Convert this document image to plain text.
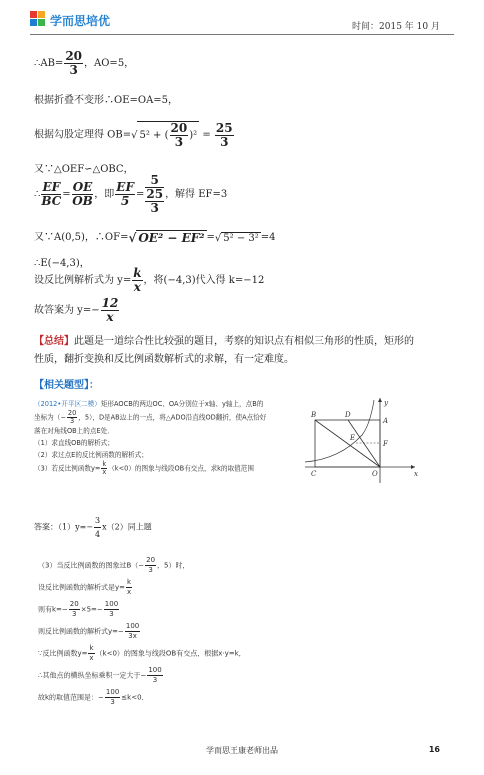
学而思培优	时间：2015 年 10 月
∴AB= $\frac{20}{3}$ ，AO=5，
根据折叠不变形∴OE=OA=5，
根据勾股定理得 OB=√ 5² + ( $\frac{20}{3} )^2 = \frac{25}{3}$
又∵△OEF∽△OBC，
∴ $\frac{EF}{BC} = \frac{OE}{OB}$ ，即 $\frac{EF}{5} = 5$
25
3 ，解得 EF=3
又∵A(0,5)，∴OF=√ OE² − EF² =√ 5² − 3² =4
∴E(−4,3)，
设反比例解析式为 $y= \frac{k}{x}$ ，将(−4,3)代入得 k=−12
故答案为 $y=- \frac{12}{x}$
【总结】此题是一道综合性比较强的题目，考察的知识点有相似三角形的性质，矩形的
性质，翻折变换和反比例函数解析式的求解，有一定难度。
【相关题型】：
（2012•开平区二模）矩形AOCB的两边OC、OA分别位于x轴、y轴上，点B的
坐标为（− $\frac{20}{3}$ ，5），D是AB边上的一点，将△ADO沿直线OD翻折，使A点恰好
落在对角线OB上的点E处．
（1）求直线OB的解析式；
（2）求过点E的反比例函数的解析式；
（3）若反比例函数$y= \frac{k}{x} (k<0)$的图象与线段OB有交点，求k的取值范围
y
B	D
A
E
F
C	O	x
答案：$(1)y=- \frac{3}{4} x(2)$同上题
（3）当反比例函数的图象过$B(- \frac{20}{3}$ ，5）时，
设反比例函数的解析式是$y= \frac{k}{x}$
则有$k=- \frac{20}{3} \times 5=- \frac{100}{3}$
则反比例函数的解析式$y=- \frac{100}{3x}$
∵反比例函数$y= \frac{k}{x} (k<0)$的图象与线段OB有交点，根据x·y=k，
∴其他点的横纵坐标乘积一定大于− $\frac{100}{3}$
故k的取值范围是：− $\frac{100}{3} \le k<0$．
学而思王康老师出品	16
